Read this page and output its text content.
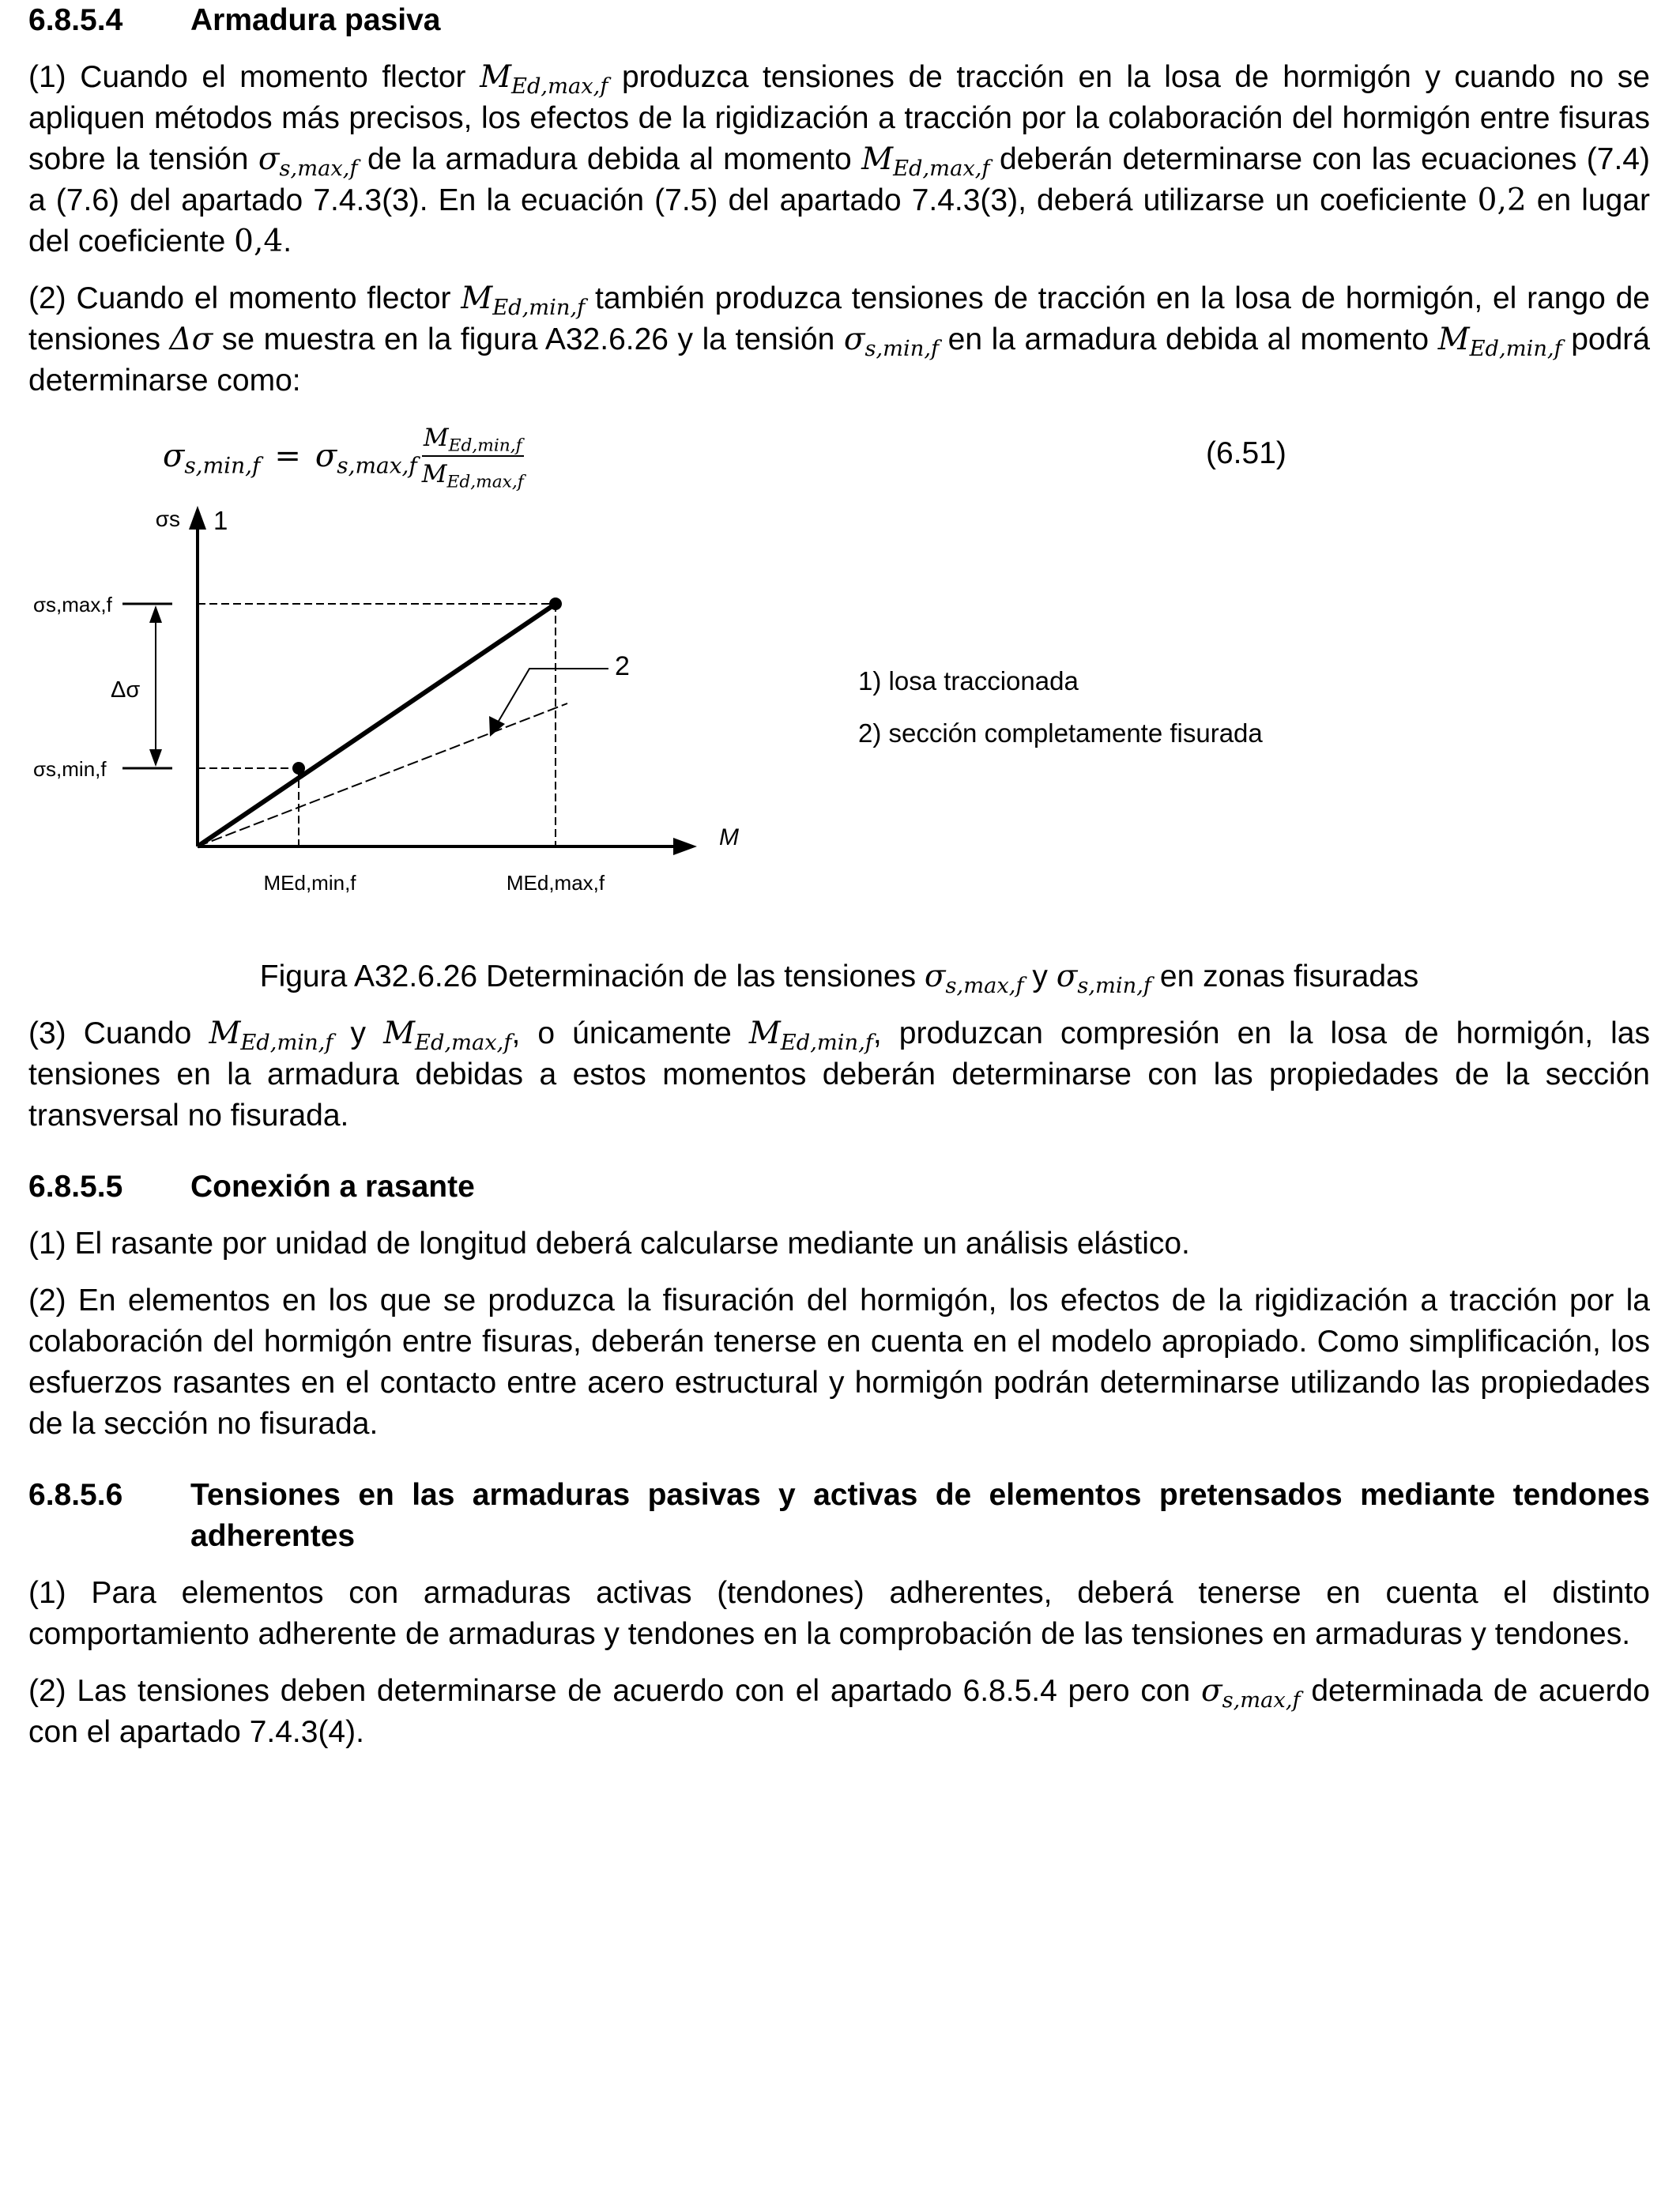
6.8.5.4	Armadura pasiva

(1) Cuando el momento flector $M_{Ed,max,f}$ produzca tensiones de tracción en la losa de hormigón y cuando no se apliquen métodos más precisos, los efectos de la rigidización a tracción por la colaboración del hormigón entre fisuras sobre la tensión $\sigma_{s,max,f}$ de la armadura debida al momento $M_{Ed,max,f}$ deberán determinarse con las ecuaciones (7.4) a (7.6) del apartado 7.4.3(3). En la ecuación (7.5) del apartado 7.4.3(3), deberá utilizarse un coeficiente 0,2 en lugar del coeficiente 0,4.

(2) Cuando el momento flector $M_{Ed,min,f}$ también produzca tensiones de tracción en la losa de hormigón, el rango de tensiones Δσ se muestra en la figura A32.6.26 y la tensión $\sigma_{s,min,f}$ en la armadura debida al momento $M_{Ed,min,f}$ podrá determinarse como:

$\sigma_{s,min,f} = \sigma_{s,max,f} \frac{M_{Ed,min,f}}{M_{Ed,max,f}}$	(6.51)
σs 1
σs,max,f
σs,min,f
Δσ
2
M
MEd,min,f	MEd,max,f
1) losa traccionada
2) sección completamente fisurada

Figura A32.6.26 Determinación de las tensiones $\sigma_{s,max,f}$ y $\sigma_{s,min,f}$ en zonas fisuradas

(3) Cuando $M_{Ed,min,f}$ y $M_{Ed,max,f}$, o únicamente $M_{Ed,min,f}$, produzcan compresión en la losa de hormigón, las tensiones en la armadura debidas a estos momentos deberán determinarse con las propiedades de la sección transversal no fisurada.

6.8.5.5	Conexión a rasante

(1) El rasante por unidad de longitud deberá calcularse mediante un análisis elástico.

(2) En elementos en los que se produzca la fisuración del hormigón, los efectos de la rigidización a tracción por la colaboración del hormigón entre fisuras, deberán tenerse en cuenta en el modelo apropiado. Como simplificación, los esfuerzos rasantes en el contacto entre acero estructural y hormigón podrán determinarse utilizando las propiedades de la sección no fisurada.

6.8.5.6	Tensiones en las armaduras pasivas y activas de elementos pretensados mediante tendones adherentes

(1) Para elementos con armaduras activas (tendones) adherentes, deberá tenerse en cuenta el distinto comportamiento adherente de armaduras y tendones en la comprobación de las tensiones en armaduras y tendones.

(2) Las tensiones deben determinarse de acuerdo con el apartado 6.8.5.4 pero con $\sigma_{s,max,f}$ determinada de acuerdo con el apartado 7.4.3(4).
